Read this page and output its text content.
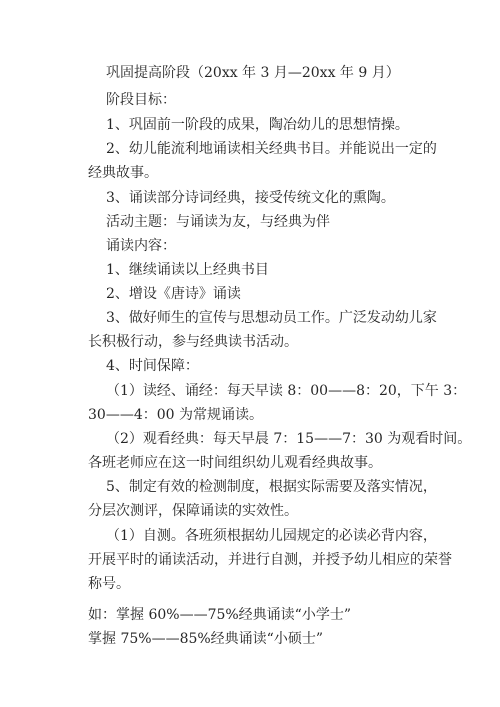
巩固提高阶段（20xx 年 3 月—20xx 年 9 月）
阶段目标：
1、巩固前一阶段的成果，陶冶幼儿的思想情操。
2、幼儿能流利地诵读相关经典书目。并能说出一定的
经典故事。
3、诵读部分诗词经典，接受传统文化的熏陶。
活动主题：与诵读为友，与经典为伴
诵读内容：
1、继续诵读以上经典书目
2、增设《唐诗》诵读
3、做好师生的宣传与思想动员工作。广泛发动幼儿家
长积极行动，参与经典读书活动。
4、时间保障：
（1）读经、诵经：每天早读 8：00——8：20，下午 3：
30——4：00 为常规诵读。
（2）观看经典：每天早晨 7：15——7：30 为观看时间。
各班老师应在这一时间组织幼儿观看经典故事。
5、制定有效的检测制度，根据实际需要及落实情况，
分层次测评，保障诵读的实效性。
（1）自测。各班须根据幼儿园规定的必读必背内容，
开展平时的诵读活动，并进行自测，并授予幼儿相应的荣誉
称号。
如：掌握 60%——75%经典诵读“小学士”
掌握 75%——85%经典诵读“小硕士”
